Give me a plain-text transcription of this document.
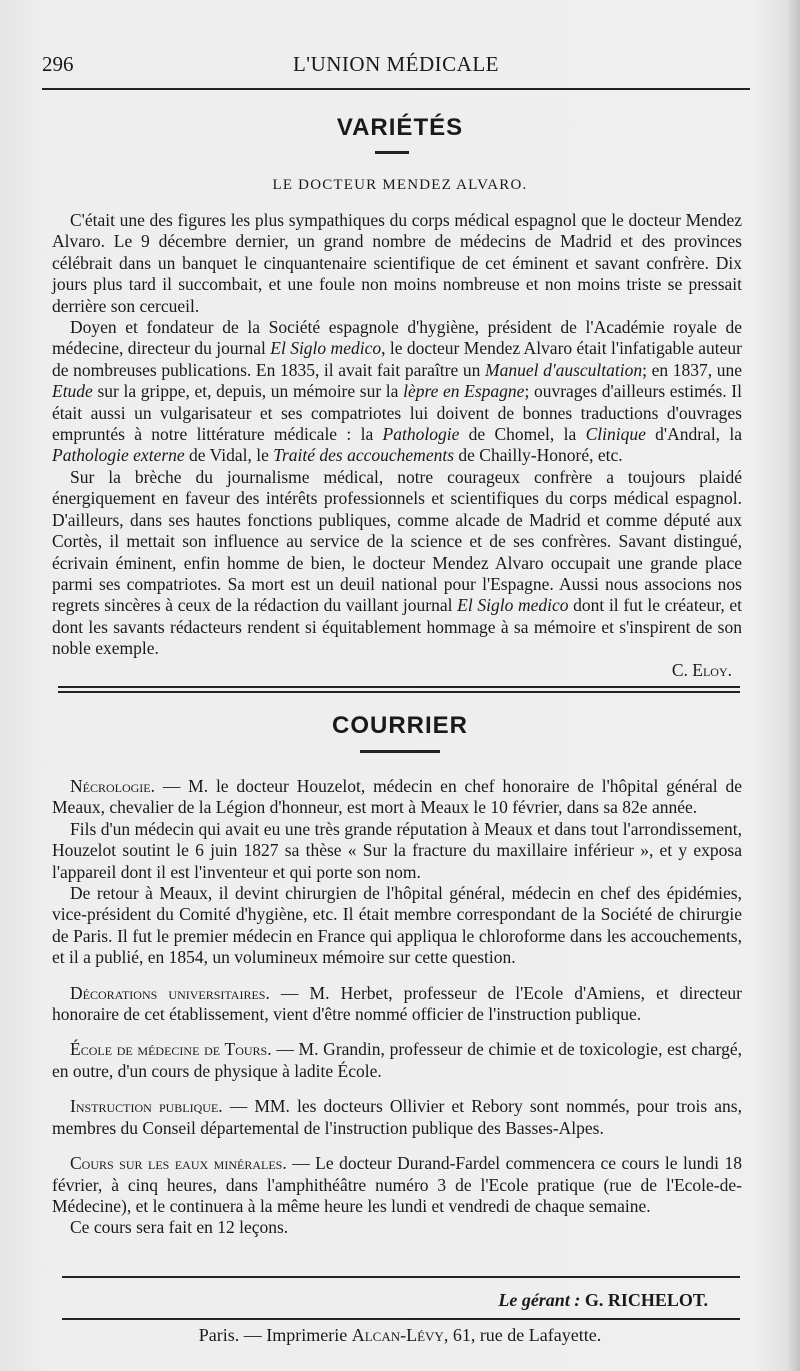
296	L'UNION MÉDICALE
VARIÉTÉS
LE DOCTEUR MENDEZ ALVARO.

C'était une des figures les plus sympathiques du corps médical espagnol que le docteur Mendez Alvaro. Le 9 décembre dernier, un grand nombre de médecins de Madrid et des provinces célébrait dans un banquet le cinquantenaire scientifique de cet éminent et savant confrère. Dix jours plus tard il succombait, et une foule non moins nombreuse et non moins triste se pressait derrière son cercueil.

Doyen et fondateur de la Société espagnole d'hygiène, président de l'Académie royale de médecine, directeur du journal El Siglo medico, le docteur Mendez Alvaro était l'infatigable auteur de nombreuses publications. En 1835, il avait fait paraître un Manuel d'auscultation; en 1837, une Etude sur la grippe, et, depuis, un mémoire sur la lèpre en Espagne; ouvrages d'ailleurs estimés. Il était aussi un vulgarisateur et ses compatriotes lui doivent de bonnes traductions d'ouvrages empruntés à notre littérature médicale : la Pathologie de Chomel, la Clinique d'Andral, la Pathologie externe de Vidal, le Traité des accouchements de Chailly-Honoré, etc.

Sur la brèche du journalisme médical, notre courageux confrère a toujours plaidé énergiquement en faveur des intérêts professionnels et scientifiques du corps médical espagnol. D'ailleurs, dans ses hautes fonctions publiques, comme alcade de Madrid et comme député aux Cortès, il mettait son influence au service de la science et de ses confrères. Savant distingué, écrivain éminent, enfin homme de bien, le docteur Mendez Alvaro occupait une grande place parmi ses compatriotes. Sa mort est un deuil national pour l'Espagne. Aussi nous associons nos regrets sincères à ceux de la rédaction du vaillant journal El Siglo medico dont il fut le créateur, et dont les savants rédacteurs rendent si équitablement hommage à sa mémoire et s'inspirent de son noble exemple.

C. Eloy.

COURRIER

Nécrologie. — M. le docteur Houzelot, médecin en chef honoraire de l'hôpital général de Meaux, chevalier de la Légion d'honneur, est mort à Meaux le 10 février, dans sa 82e année.

Fils d'un médecin qui avait eu une très grande réputation à Meaux et dans tout l'arrondissement, Houzelot soutint le 6 juin 1827 sa thèse « Sur la fracture du maxillaire inférieur », et y exposa l'appareil dont il est l'inventeur et qui porte son nom.

De retour à Meaux, il devint chirurgien de l'hôpital général, médecin en chef des épidémies, vice-président du Comité d'hygiène, etc. Il était membre correspondant de la Société de chirurgie de Paris. Il fut le premier médecin en France qui appliqua le chloroforme dans les accouchements, et il a publié, en 1854, un volumineux mémoire sur cette question.

Décorations universitaires. — M. Herbet, professeur de l'Ecole d'Amiens, et directeur honoraire de cet établissement, vient d'être nommé officier de l'instruction publique.

École de médecine de Tours. — M. Grandin, professeur de chimie et de toxicologie, est chargé, en outre, d'un cours de physique à ladite École.

Instruction publique. — MM. les docteurs Ollivier et Rebory sont nommés, pour trois ans, membres du Conseil départemental de l'instruction publique des Basses-Alpes.

Cours sur les eaux minérales. — Le docteur Durand-Fardel commencera ce cours le lundi 18 février, à cinq heures, dans l'amphithéâtre numéro 3 de l'Ecole pratique (rue de l'Ecole-de-Médecine), et le continuera à la même heure les lundi et vendredi de chaque semaine.

Ce cours sera fait en 12 leçons.

Le gérant : G. RICHELOT.
Paris. — Imprimerie Alcan-Lévy, 61, rue de Lafayette.
